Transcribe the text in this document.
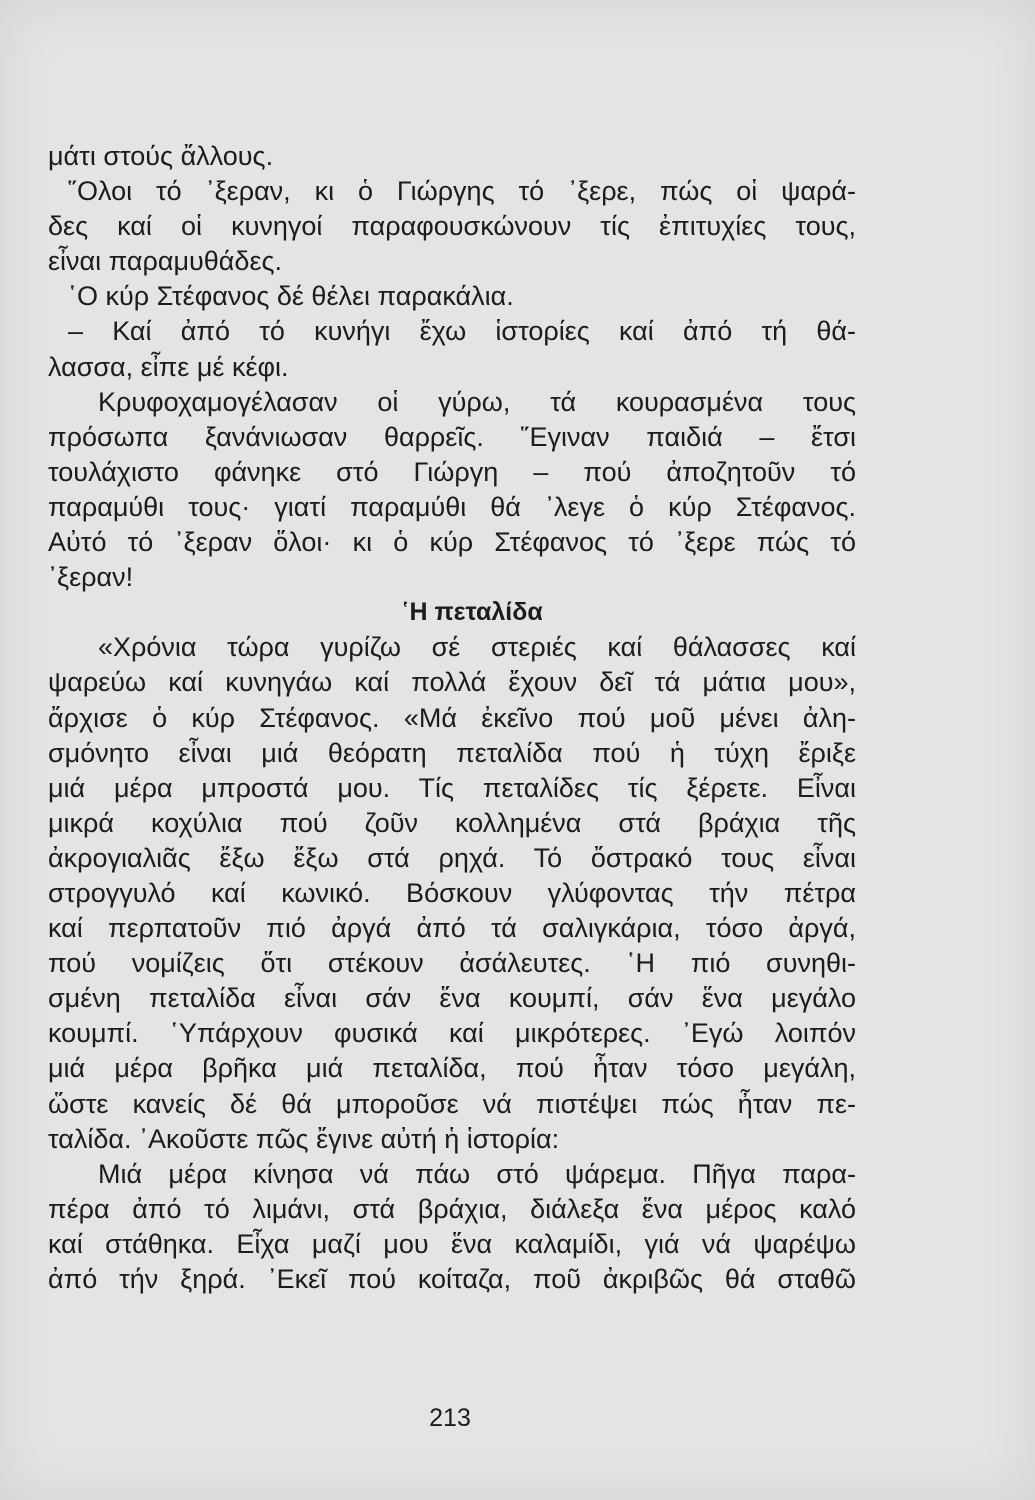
μάτι στούς ἄλλους.
῞Ολοι τό ᾿ξεραν, κι ὁ Γιώργης τό ᾿ξερε, πώς οἱ ψαρά-
δες καί οἱ κυνηγοί παραφουσκώνουν τίς ἐπιτυχίες τους,
εἶναι παραμυθάδες.
῾Ο κύρ Στέφανος δέ θέλει παρακάλια.
– Καί ἀπό τό κυνήγι ἔχω ἱστορίες καί ἀπό τή θά-
λασσα, εἶπε μέ κέφι.
Κρυφοχαμογέλασαν οἱ γύρω, τά κουρασμένα τους
πρόσωπα ξανάνιωσαν θαρρεῖς. ῞Εγιναν παιδιά – ἔτσι
τουλάχιστο φάνηκε στό Γιώργη – πού ἀποζητοῦν τό
παραμύθι τους· γιατί παραμύθι θά ᾿λεγε ὁ κύρ Στέφανος.
Αὐτό τό ᾿ξεραν ὅλοι· κι ὁ κύρ Στέφανος τό ᾿ξερε πώς τό
᾿ξεραν!
῾Η πεταλίδα
«Χρόνια τώρα γυρίζω σέ στεριές καί θάλασσες καί
ψαρεύω καί κυνηγάω καί πολλά ἔχουν δεῖ τά μάτια μου»,
ἄρχισε ὁ κύρ Στέφανος. «Μά ἐκεῖνο πού μοῦ μένει ἀλη-
σμόνητο εἶναι μιά θεόρατη πεταλίδα πού ἡ τύχη ἔριξε
μιά μέρα μπροστά μου. Τίς πεταλίδες τίς ξέρετε. Εἶναι
μικρά κοχύλια πού ζοῦν κολλημένα στά βράχια τῆς
ἀκρογιαλιᾶς ἔξω ἔξω στά ρηχά. Τό ὄστρακό τους εἶναι
στρογγυλό καί κωνικό. Βόσκουν γλύφοντας τήν πέτρα
καί περπατοῦν πιό ἀργά ἀπό τά σαλιγκάρια, τόσο ἀργά,
πού νομίζεις ὅτι στέκουν ἀσάλευτες. ῾Η πιό συνηθι-
σμένη πεταλίδα εἶναι σάν ἕνα κουμπί, σάν ἕνα μεγάλο
κουμπί. ῾Υπάρχουν φυσικά καί μικρότερες. ᾿Εγώ λοιπόν
μιά μέρα βρῆκα μιά πεταλίδα, πού ἦταν τόσο μεγάλη,
ὥστε κανείς δέ θά μποροῦσε νά πιστέψει πώς ἦταν πε-
ταλίδα. ᾿Ακοῦστε πῶς ἔγινε αὐτή ἡ ἱστορία:
Μιά μέρα κίνησα νά πάω στό ψάρεμα. Πῆγα παρα-
πέρα ἀπό τό λιμάνι, στά βράχια, διάλεξα ἕνα μέρος καλό
καί στάθηκα. Εἶχα μαζί μου ἕνα καλαμίδι, γιά νά ψαρέψω
ἀπό τήν ξηρά. ᾿Εκεῖ πού κοίταζα, ποῦ ἀκριβῶς θά σταθῶ
213
